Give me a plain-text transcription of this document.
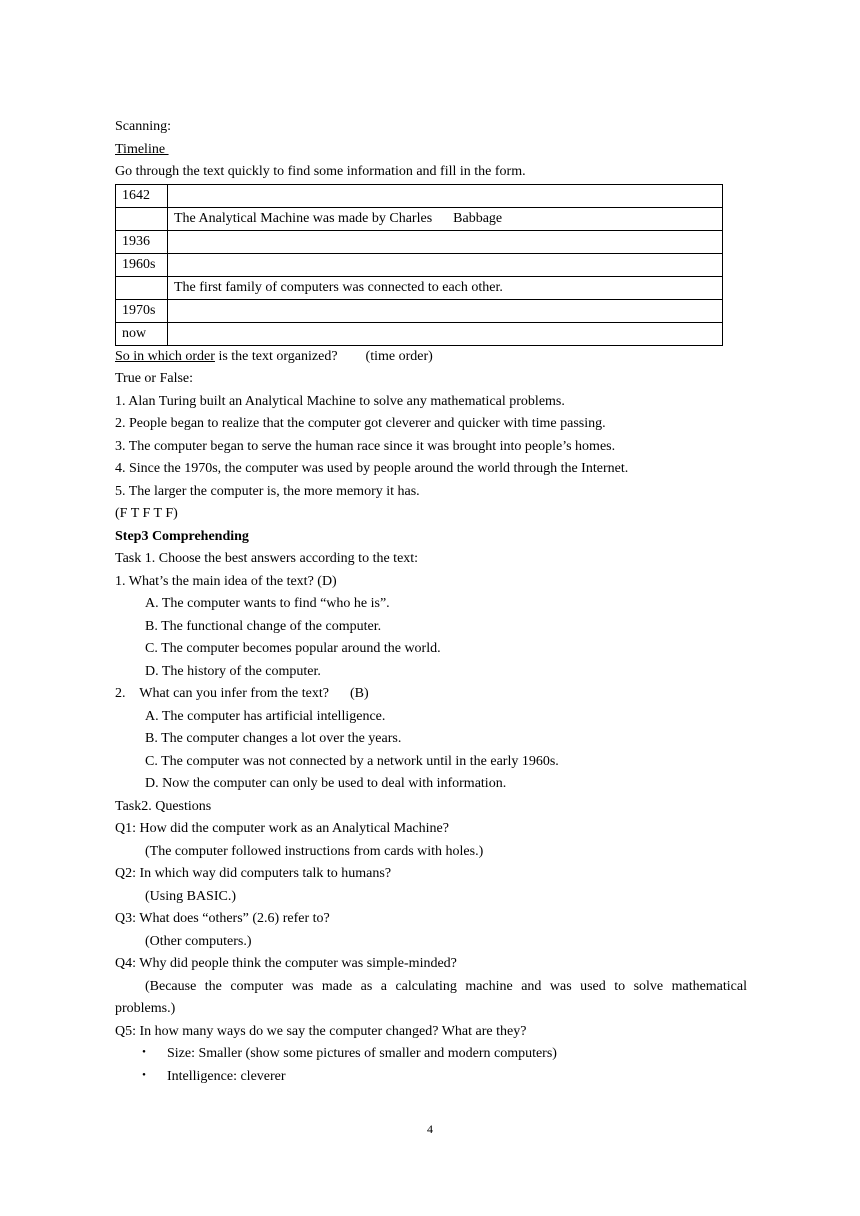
Scanning:
Timeline
Go through the text quickly to find some information and fill in the form.
1642	
	The Analytical Machine was made by Charles      Babbage
1936	
1960s	
	The first family of computers was connected to each other.
1970s	
now	
So in which order is the text organized?        (time order)
True or False:
1. Alan Turing built an Analytical Machine to solve any mathematical problems.
2. People began to realize that the computer got cleverer and quicker with time passing.
3. The computer began to serve the human race since it was brought into people’s homes.
4. Since the 1970s, the computer was used by people around the world through the Internet.
5. The larger the computer is, the more memory it has.
(F T F T F)
Step3 Comprehending
Task 1. Choose the best answers according to the text:
1. What’s the main idea of the text? (D)
A. The computer wants to find “who he is”.
B. The functional change of the computer.
C. The computer becomes popular around the world.
D. The history of the computer.
2.    What can you infer from the text?      (B)
A. The computer has artificial intelligence.
B. The computer changes a lot over the years.
C. The computer was not connected by a network until in the early 1960s.
D. Now the computer can only be used to deal with information.
Task2. Questions
Q1: How did the computer work as an Analytical Machine?
(The computer followed instructions from cards with holes.)
Q2: In which way did computers talk to humans?
(Using BASIC.)
Q3: What does “others” (2.6) refer to?
(Other computers.)
Q4: Why did people think the computer was simple-minded?
(Because the computer was made as a calculating machine and was used to solve mathematical
problems.)
Q5: In how many ways do we say the computer changed? What are they?
・ Size: Smaller (show some pictures of smaller and modern computers)
・ Intelligence: cleverer
4
